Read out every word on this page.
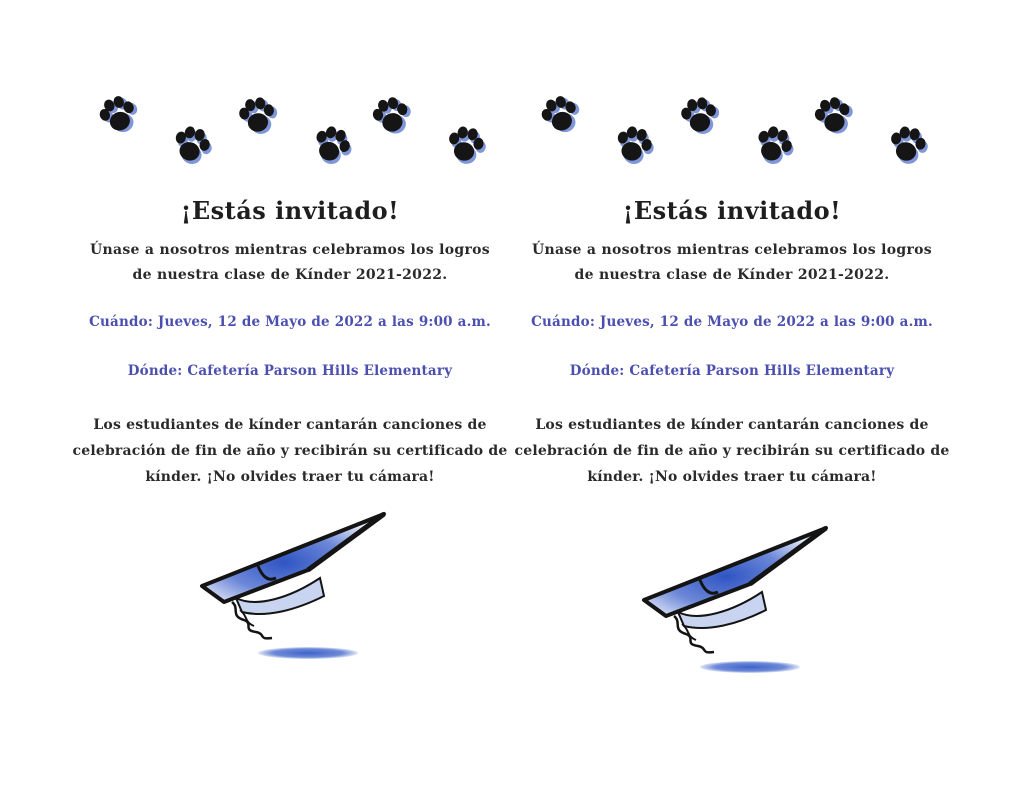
¡Estás invitado!
Únase a nosotros mientras celebramos los logros de nuestra clase de Kínder 2021-2022.
Cuándo: Jueves, 12 de Mayo de 2022 a las 9:00 a.m.
Dónde: Cafetería Parson Hills Elementary
Los estudiantes de kínder cantarán canciones de celebración de fin de año y recibirán su certificado de kínder. ¡No olvides traer tu cámara!
¡Estás invitado!
Únase a nosotros mientras celebramos los logros de nuestra clase de Kínder 2021-2022.
Cuándo: Jueves, 12 de Mayo de 2022 a las 9:00 a.m.
Dónde: Cafetería Parson Hills Elementary
Los estudiantes de kínder cantarán canciones de celebración de fin de año y recibirán su certificado de kínder. ¡No olvides traer tu cámara!
